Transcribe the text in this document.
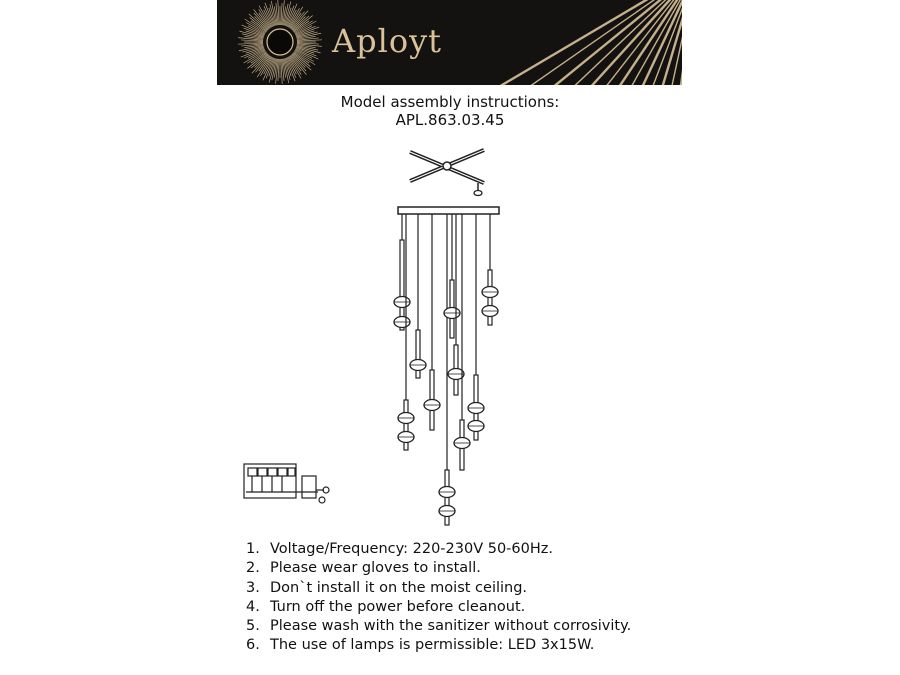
Aployt
Model assembly instructions:
APL.863.03.45
1. Voltage/Frequency: 220-230V 50-60Hz.
2. Please wear gloves to install.
3. Don`t install it on the moist ceiling.
4. Turn off the power before cleanout.
5. Please wash with the sanitizer without corrosivity.
6. The use of lamps is permissible: LED 3x15W.
